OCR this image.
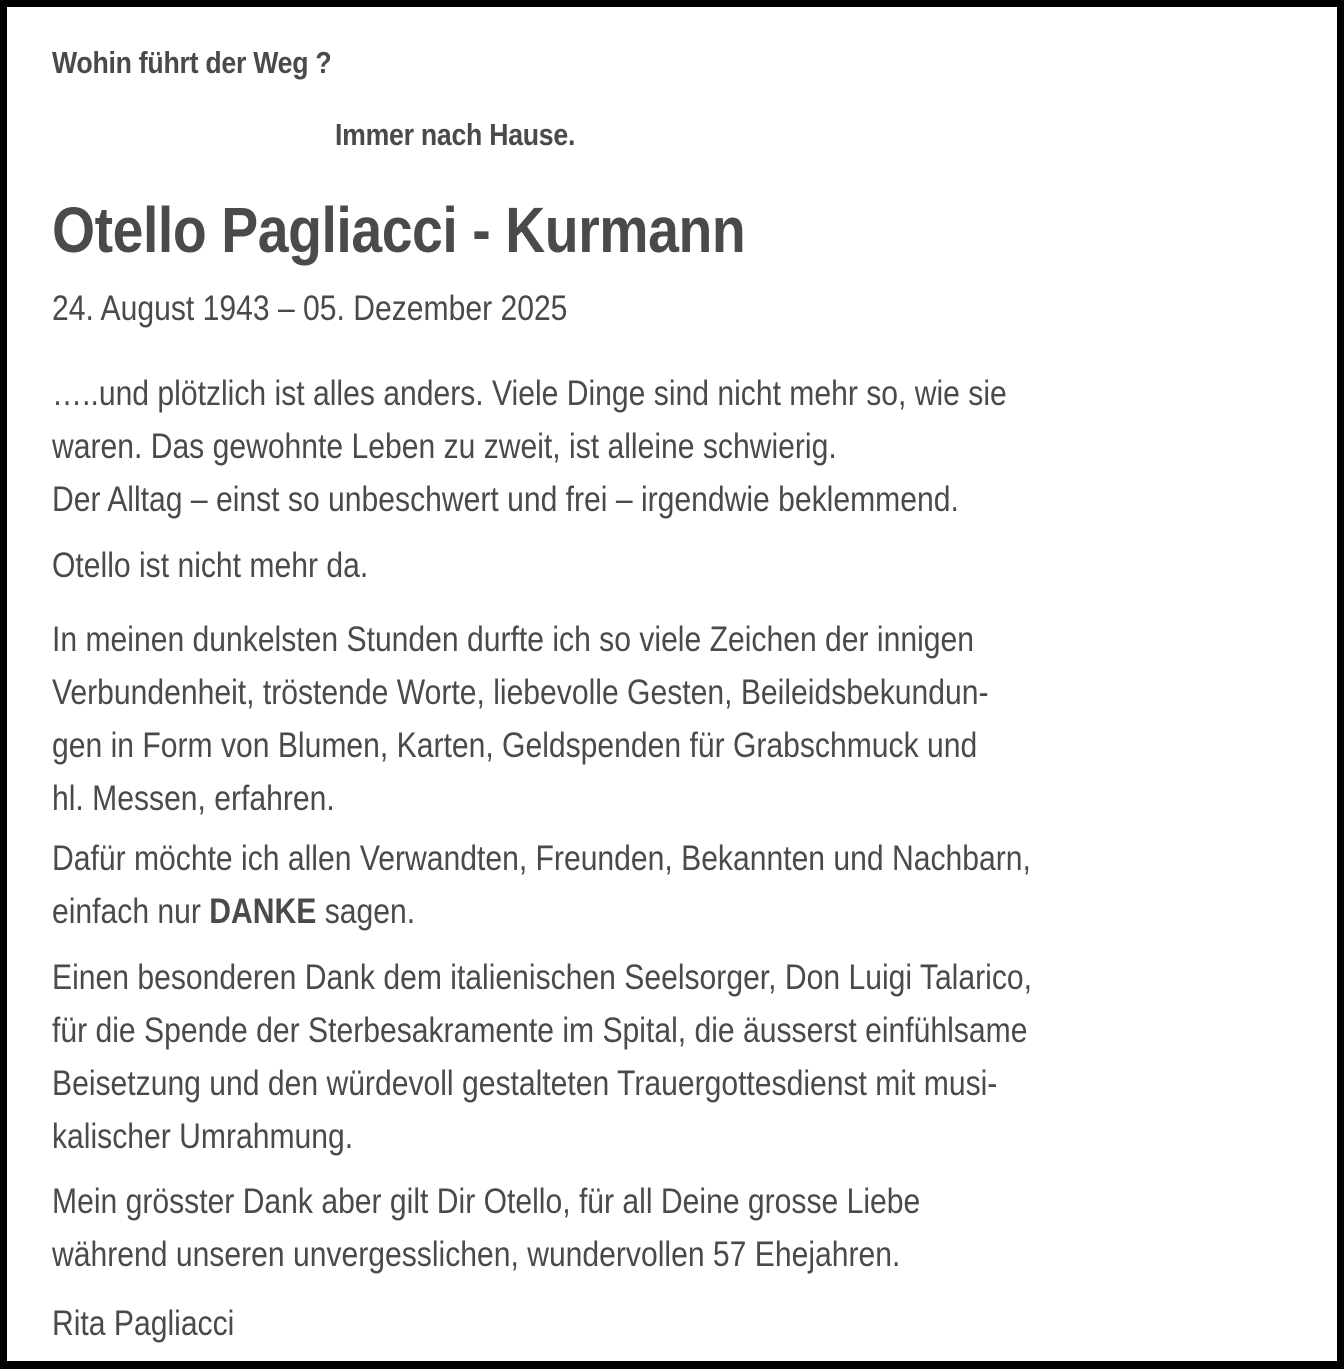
Wohin führt der Weg ?
Immer nach Hause.
Otello Pagliacci - Kurmann
24. August 1943 – 05. Dezember 2025
…..und plötzlich ist alles anders. Viele Dinge sind nicht mehr so, wie sie
waren. Das gewohnte Leben zu zweit, ist alleine schwierig.
Der Alltag – einst so unbeschwert und frei – irgendwie beklemmend.
Otello ist nicht mehr da.
In meinen dunkelsten Stunden durfte ich so viele Zeichen der innigen
Verbundenheit, tröstende Worte, liebevolle Gesten, Beileidsbekundun-
gen in Form von Blumen, Karten, Geldspenden für Grabschmuck und
hl. Messen, erfahren.
Dafür möchte ich allen Verwandten, Freunden, Bekannten und Nachbarn,
einfach nur DANKE sagen.
Einen besonderen Dank dem italienischen Seelsorger, Don Luigi Talarico,
für die Spende der Sterbesakramente im Spital, die äusserst einfühlsame
Beisetzung und den würdevoll gestalteten Trauergottesdienst mit musi-
kalischer Umrahmung.
Mein grösster Dank aber gilt Dir Otello, für all Deine grosse Liebe
während unseren unvergesslichen, wundervollen 57 Ehejahren.
Rita Pagliacci
